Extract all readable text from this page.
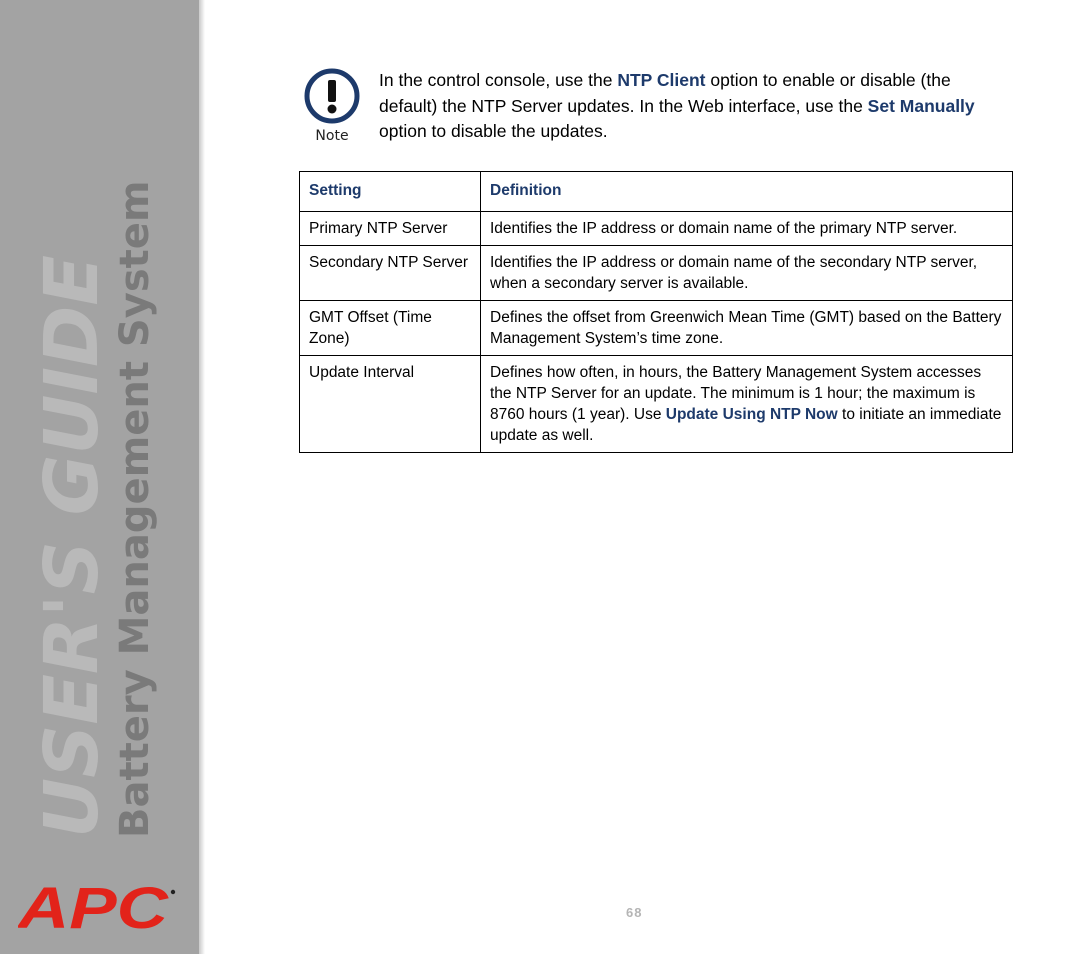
USER'S GUIDE
Battery Management System
APC
Note
In the control console, use the NTP Client option to enable or disable (the default) the NTP Server updates. In the Web interface, use the Set Manually option to disable the updates.
Setting	Definition
Primary NTP Server	Identifies the IP address or domain name of the primary NTP server.
Secondary NTP Server	Identifies the IP address or domain name of the secondary NTP server, when a secondary server is available.
GMT Offset (Time Zone)	Defines the offset from Greenwich Mean Time (GMT) based on the Battery Management System’s time zone.
Update Interval	Defines how often, in hours, the Battery Management System accesses the NTP Server for an update. The minimum is 1 hour; the maximum is 8760 hours (1 year). Use Update Using NTP Now to initiate an immediate update as well.
68
